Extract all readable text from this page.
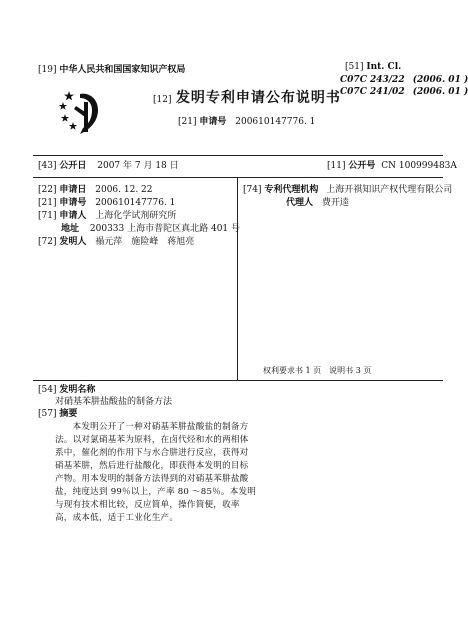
[19] 中华人民共和国国家知识产权局
[12] 发明专利申请公布说明书
[21] 申请号 200610147776. 1
[51] Int. Cl.
C07C 243/22 (2006. 01 )
C07C 241/02 (2006. 01 )
[43] 公开日 2007 年 7 月 18 日	[11] 公开号 CN 100999483A
[22] 申请日 2006. 12. 22
[21] 申请号 200610147776. 1
[71] 申请人 上海化学试剂研究所
地址 200333 上海市普陀区真北路 401 号
[72] 发明人 褟元萍　施险峰　蒋旭亮
[74] 专利代理机构 上海开祺知识产权代理有限公司
代理人 费开逵
权利要求书 1 页　说明书 3 页
[54] 发明名称
对硝基苯肼盐酸盐的制备方法
[57] 摘要

　　本发明公开了一种对硝基苯肼盐酸盐的制备方

法。以对氯硝基苯为原料，在卤代烃和水的两相体

系中，催化剂的作用下与水合肼进行反应，获得对

硝基苯肼，然后进行盐酸化，即获得本发明的目标

产物。用本发明的制备方法得到的对硝基苯肼盐酸

盐，纯度达到 99％以上，产率 80 ～85％。本发明

与现有技术相比较，反应简单，操作简便，收率

高，成本低，适于工业化生产。
